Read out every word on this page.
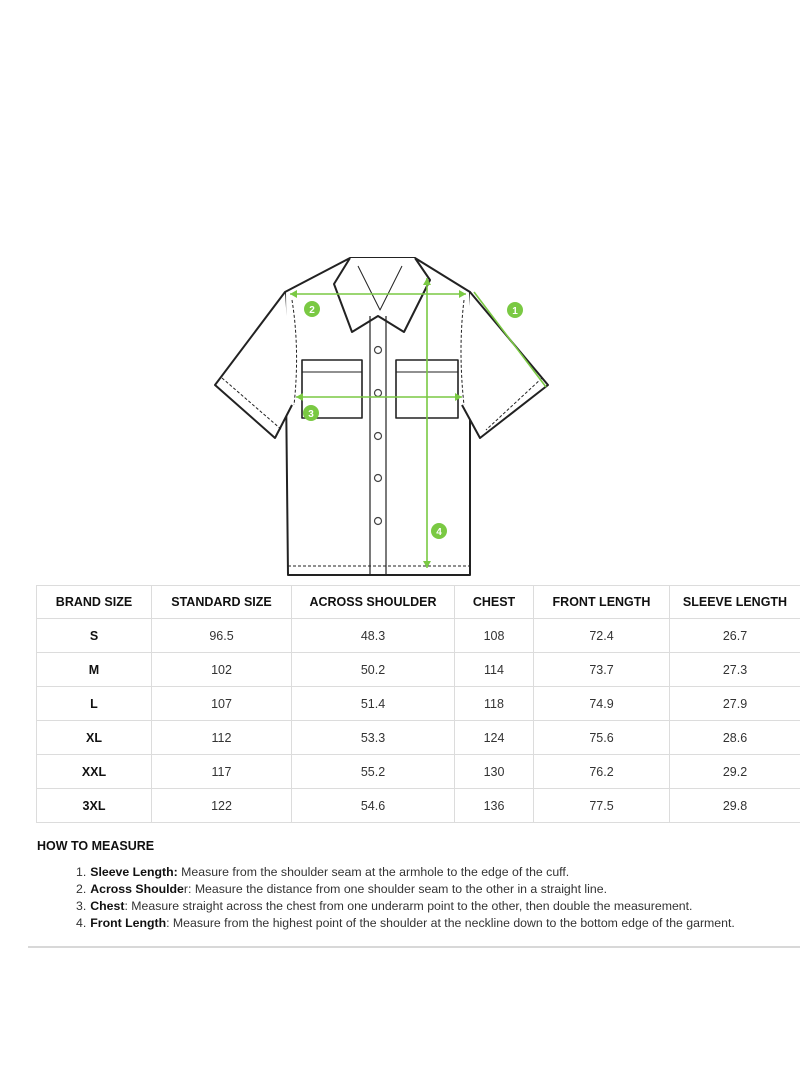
1
2
3
4
BRAND SIZE	STANDARD SIZE	ACROSS SHOULDER	CHEST	FRONT LENGTH	SLEEVE LENGTH
S	96.5	48.3	108	72.4	26.7
M	102	50.2	114	73.7	27.3
L	107	51.4	118	74.9	27.9
XL	112	53.3	124	75.6	28.6
XXL	117	55.2	130	76.2	29.2
3XL	122	54.6	136	77.5	29.8
HOW TO MEASURE
1. Sleeve Length: Measure from the shoulder seam at the armhole to the edge of the cuff.
2. Across Shoulder: Measure the distance from one shoulder seam to the other in a straight line.
3. Chest: Measure straight across the chest from one underarm point to the other, then double the measurement.
4. Front Length: Measure from the highest point of the shoulder at the neckline down to the bottom edge of the garment.
